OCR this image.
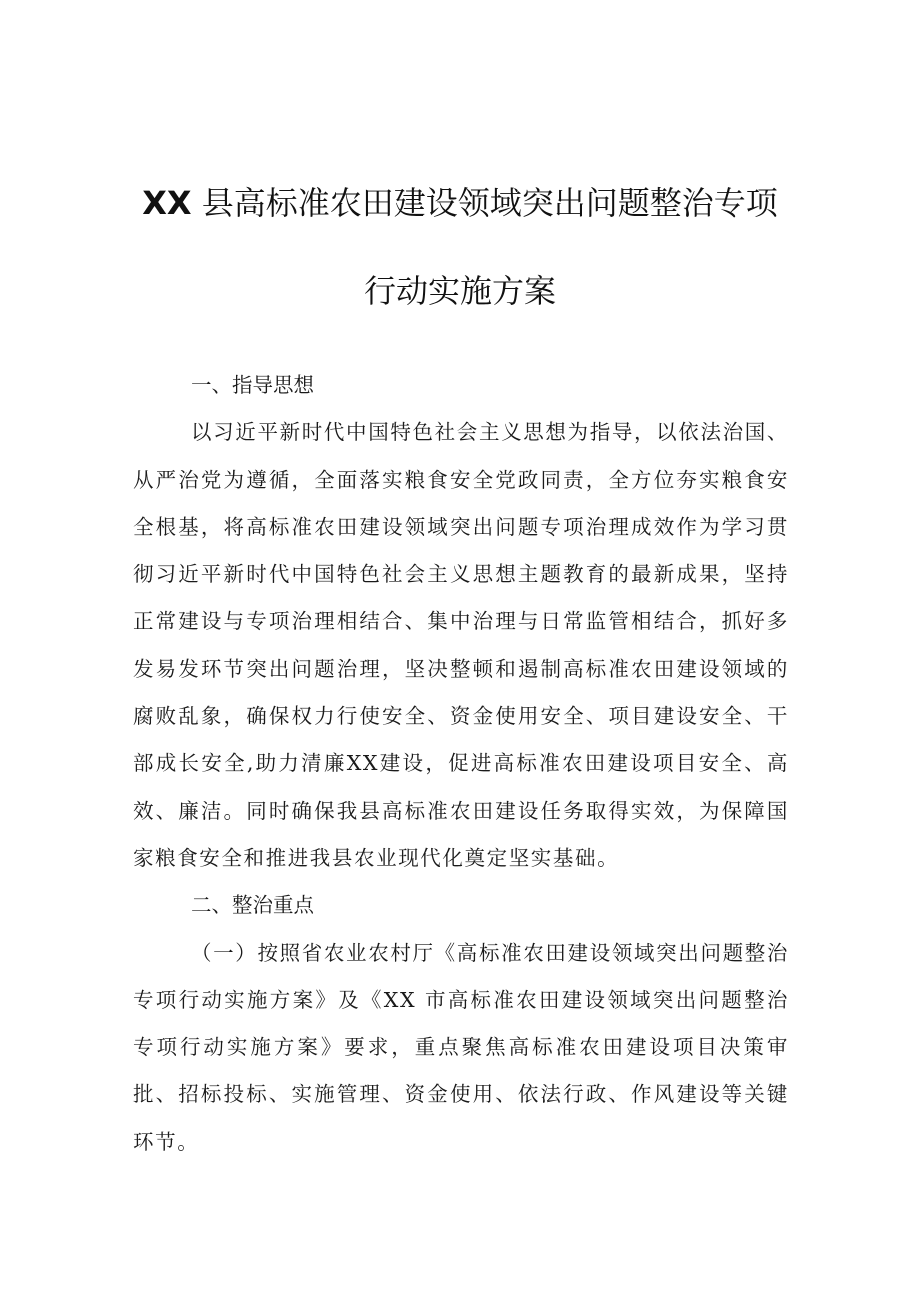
XX 县高标准农田建设领域突出问题整治专项
行动实施方案

一、指导思想

以习近平新时代中国特色社会主义思想为指导，以依法治国、从严治党为遵循，全面落实粮食安全党政同责，全方位夯实粮食安全根基，将高标准农田建设领域突出问题专项治理成效作为学习贯彻习近平新时代中国特色社会主义思想主题教育的最新成果，坚持正常建设与专项治理相结合、集中治理与日常监管相结合，抓好多发易发环节突出问题治理，坚决整顿和遏制高标准农田建设领域的腐败乱象，确保权力行使安全、资金使用安全、项目建设安全、干部成长安全,助力清廉XX建设，促进高标准农田建设项目安全、高效、廉洁。同时确保我县高标准农田建设任务取得实效，为保障国家粮食安全和推进我县农业现代化奠定坚实基础。

二、整治重点

（一）按照省农业农村厅《高标准农田建设领域突出问题整治专项行动实施方案》及《XX 市高标准农田建设领域突出问题整治专项行动实施方案》要求，重点聚焦高标准农田建设项目决策审批、招标投标、实施管理、资金使用、依法行政、作风建设等关键环节。
